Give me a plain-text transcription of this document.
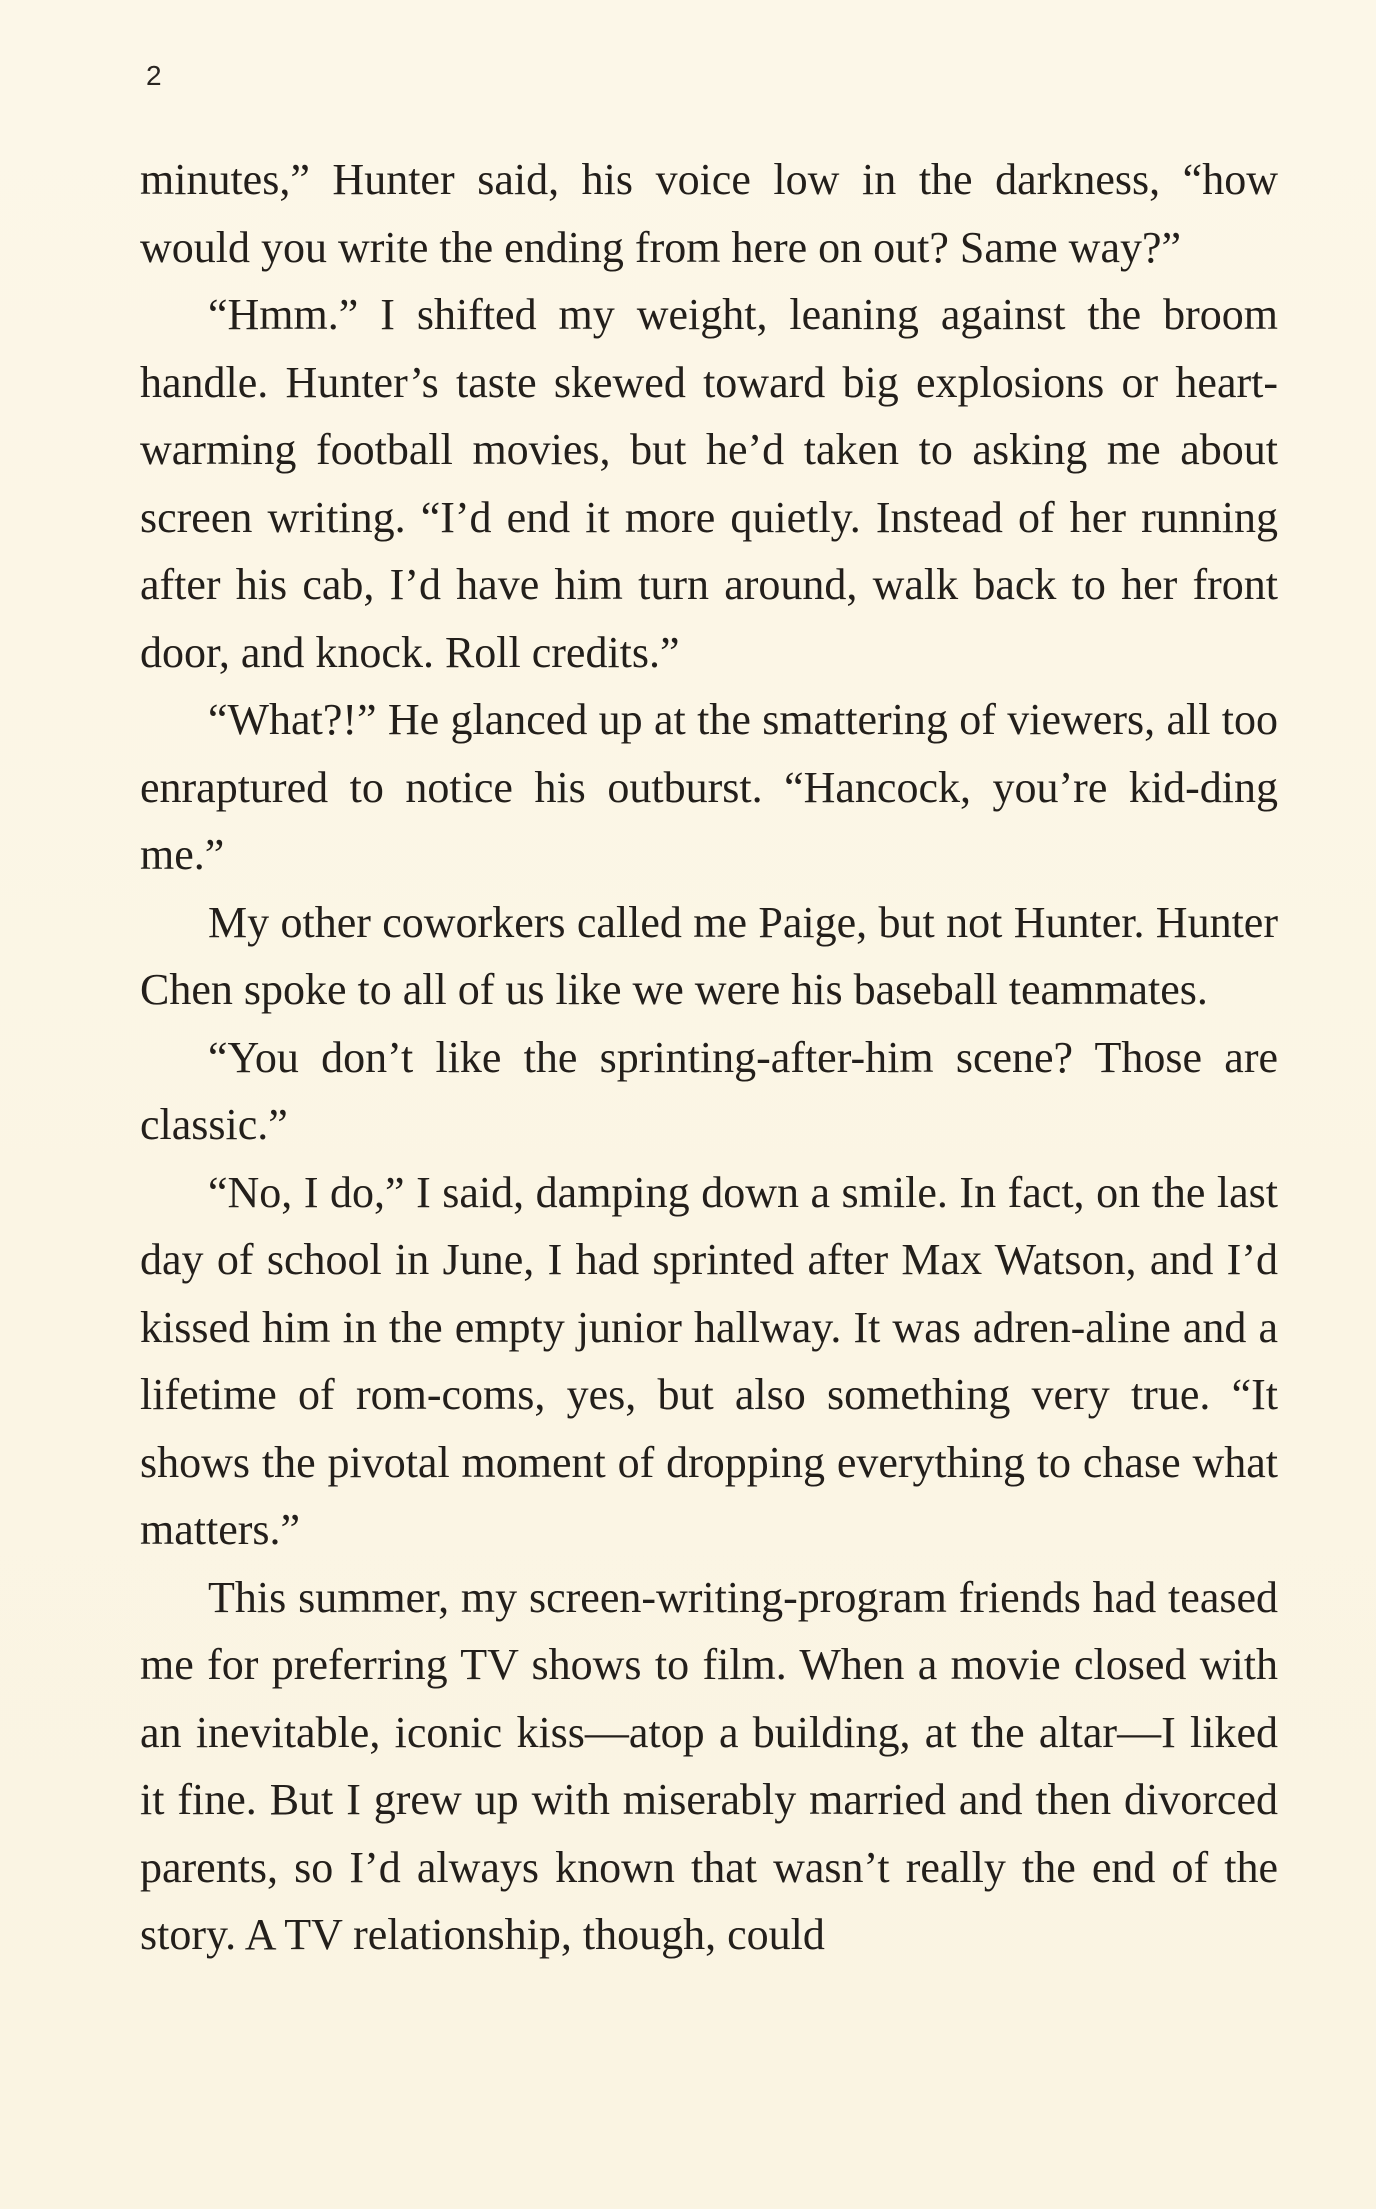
2

minutes,” Hunter said, his voice low in the darkness, “how would you write the ending from here on out? Same way?”

“Hmm.” I shifted my weight, leaning against the broom handle. Hunter’s taste skewed toward big explosions or heart-warming football movies, but he’d taken to asking me about screen writing. “I’d end it more quietly. Instead of her running after his cab, I’d have him turn around, walk back to her front door, and knock. Roll credits.”

“What?!” He glanced up at the smattering of viewers, all too enraptured to notice his outburst. “Hancock, you’re kid-ding me.”

My other coworkers called me Paige, but not Hunter. Hunter Chen spoke to all of us like we were his baseball teammates.

“You don’t like the sprinting-after-him scene? Those are classic.”

“No, I do,” I said, damping down a smile. In fact, on the last day of school in June, I had sprinted after Max Watson, and I’d kissed him in the empty junior hallway. It was adren-aline and a lifetime of rom-coms, yes, but also something very true. “It shows the pivotal moment of dropping everything to chase what matters.”

This summer, my screen-writing-program friends had teased me for preferring TV shows to film. When a movie closed with an inevitable, iconic kiss—atop a building, at the altar—I liked it fine. But I grew up with miserably married and then divorced parents, so I’d always known that wasn’t really the end of the story. A TV relationship, though, could
